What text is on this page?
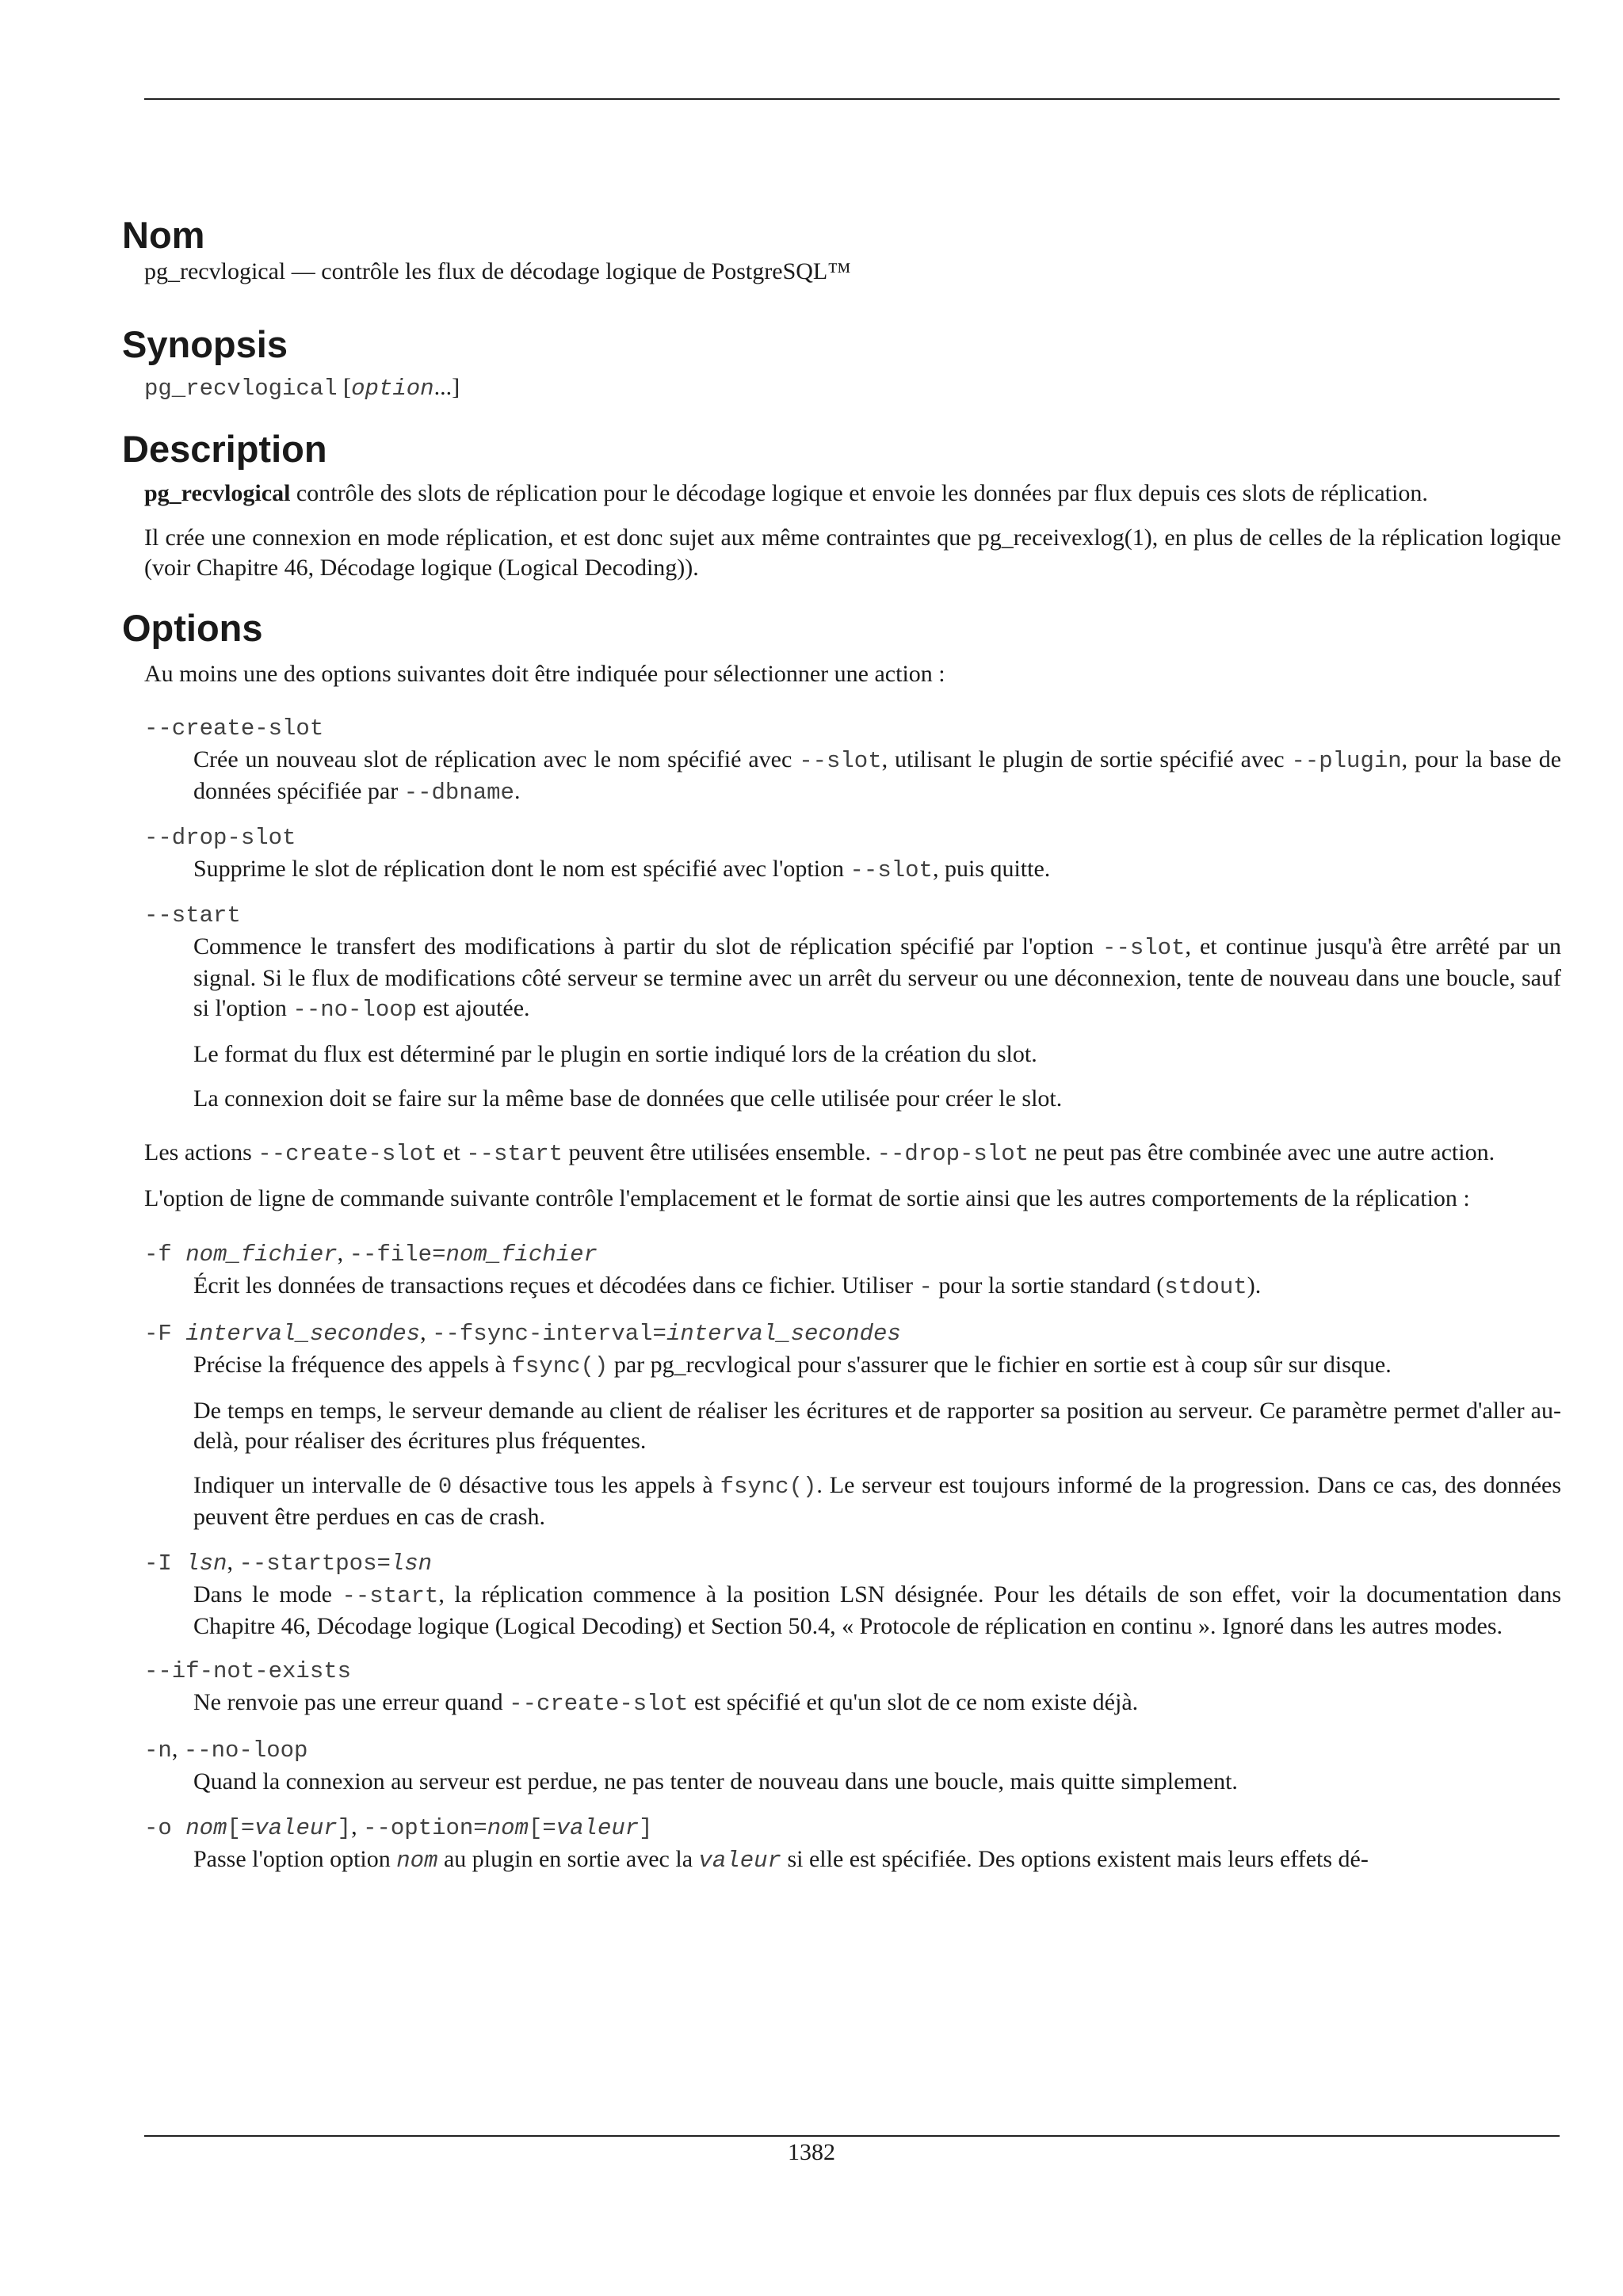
Nom

pg_recvlogical — contrôle les flux de décodage logique de PostgreSQL™

Synopsis

pg_recvlogical [option...]

Description

pg_recvlogical contrôle des slots de réplication pour le décodage logique et envoie les données par flux depuis ces slots de réplication.

Il crée une connexion en mode réplication, et est donc sujet aux même contraintes que pg_receivexlog(1), en plus de celles de la réplication logique (voir Chapitre 46, Décodage logique (Logical Decoding)).

Options

Au moins une des options suivantes doit être indiquée pour sélectionner une action :

--create-slot

Crée un nouveau slot de réplication avec le nom spécifié avec --slot, utilisant le plugin de sortie spécifié avec --plugin, pour la base de données spécifiée par --dbname.

--drop-slot

Supprime le slot de réplication dont le nom est spécifié avec l'option --slot, puis quitte.

--start

Commence le transfert des modifications à partir du slot de réplication spécifié par l'option --slot, et continue jusqu'à être arrêté par un signal. Si le flux de modifications côté serveur se termine avec un arrêt du serveur ou une déconnexion, tente de nouveau dans une boucle, sauf si l'option --no-loop est ajoutée.

Le format du flux est déterminé par le plugin en sortie indiqué lors de la création du slot.

La connexion doit se faire sur la même base de données que celle utilisée pour créer le slot.

Les actions --create-slot et --start peuvent être utilisées ensemble. --drop-slot ne peut pas être combinée avec une autre action.

L'option de ligne de commande suivante contrôle l'emplacement et le format de sortie ainsi que les autres comportements de la réplication :

-f nom_fichier, --file=nom_fichier

Écrit les données de transactions reçues et décodées dans ce fichier. Utiliser - pour la sortie standard (stdout).

-F interval_secondes, --fsync-interval=interval_secondes

Précise la fréquence des appels à fsync() par pg_recvlogical pour s'assurer que le fichier en sortie est à coup sûr sur disque.

De temps en temps, le serveur demande au client de réaliser les écritures et de rapporter sa position au serveur. Ce paramètre permet d'aller au-delà, pour réaliser des écritures plus fréquentes.

Indiquer un intervalle de 0 désactive tous les appels à fsync(). Le serveur est toujours informé de la progression. Dans ce cas, des données peuvent être perdues en cas de crash.

-I lsn, --startpos=lsn

Dans le mode --start, la réplication commence à la position LSN désignée. Pour les détails de son effet, voir la documentation dans Chapitre 46, Décodage logique (Logical Decoding) et Section 50.4, « Protocole de réplication en continu ». Ignoré dans les autres modes.

--if-not-exists

Ne renvoie pas une erreur quand --create-slot est spécifié et qu'un slot de ce nom existe déjà.

-n, --no-loop

Quand la connexion au serveur est perdue, ne pas tenter de nouveau dans une boucle, mais quitte simplement.

-o nom[=valeur], --option=nom[=valeur]

Passe l'option option nom au plugin en sortie avec la valeur si elle est spécifiée. Des options existent mais leurs effets dé-

1382
